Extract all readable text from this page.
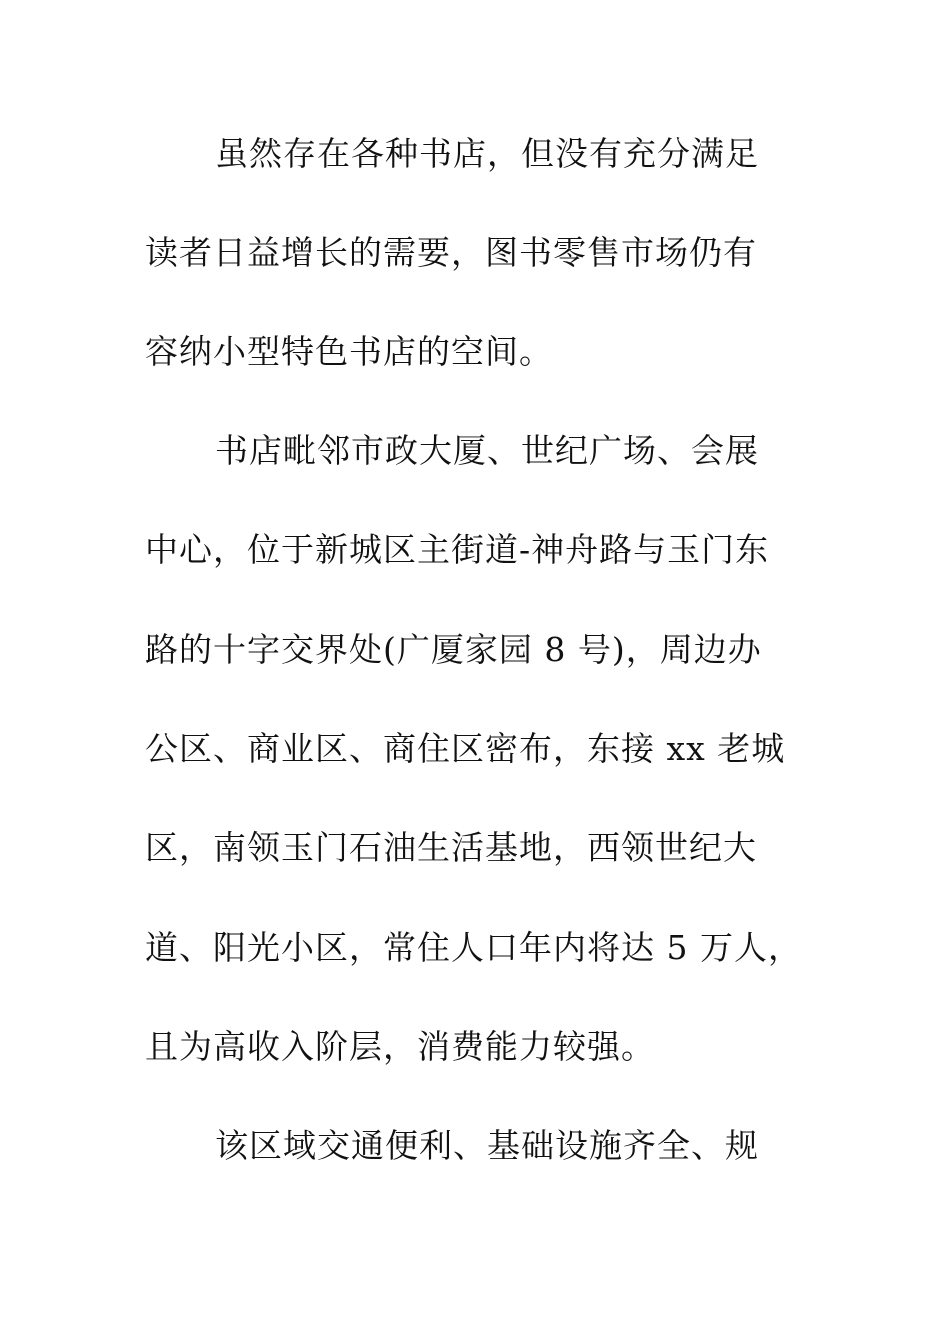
虽然存在各种书店，但没有充分满足
读者日益增长的需要，图书零售市场仍有
容纳小型特色书店的空间。
书店毗邻市政大厦、世纪广场、会展
中心，位于新城区主街道-神舟路与玉门东
路的十字交界处(广厦家园 8 号)，周边办
公区、商业区、商住区密布，东接 xx 老城
区，南领玉门石油生活基地，西领世纪大
道、阳光小区，常住人口年内将达 5 万人，
且为高收入阶层，消费能力较强。
该区域交通便利、基础设施齐全、规
